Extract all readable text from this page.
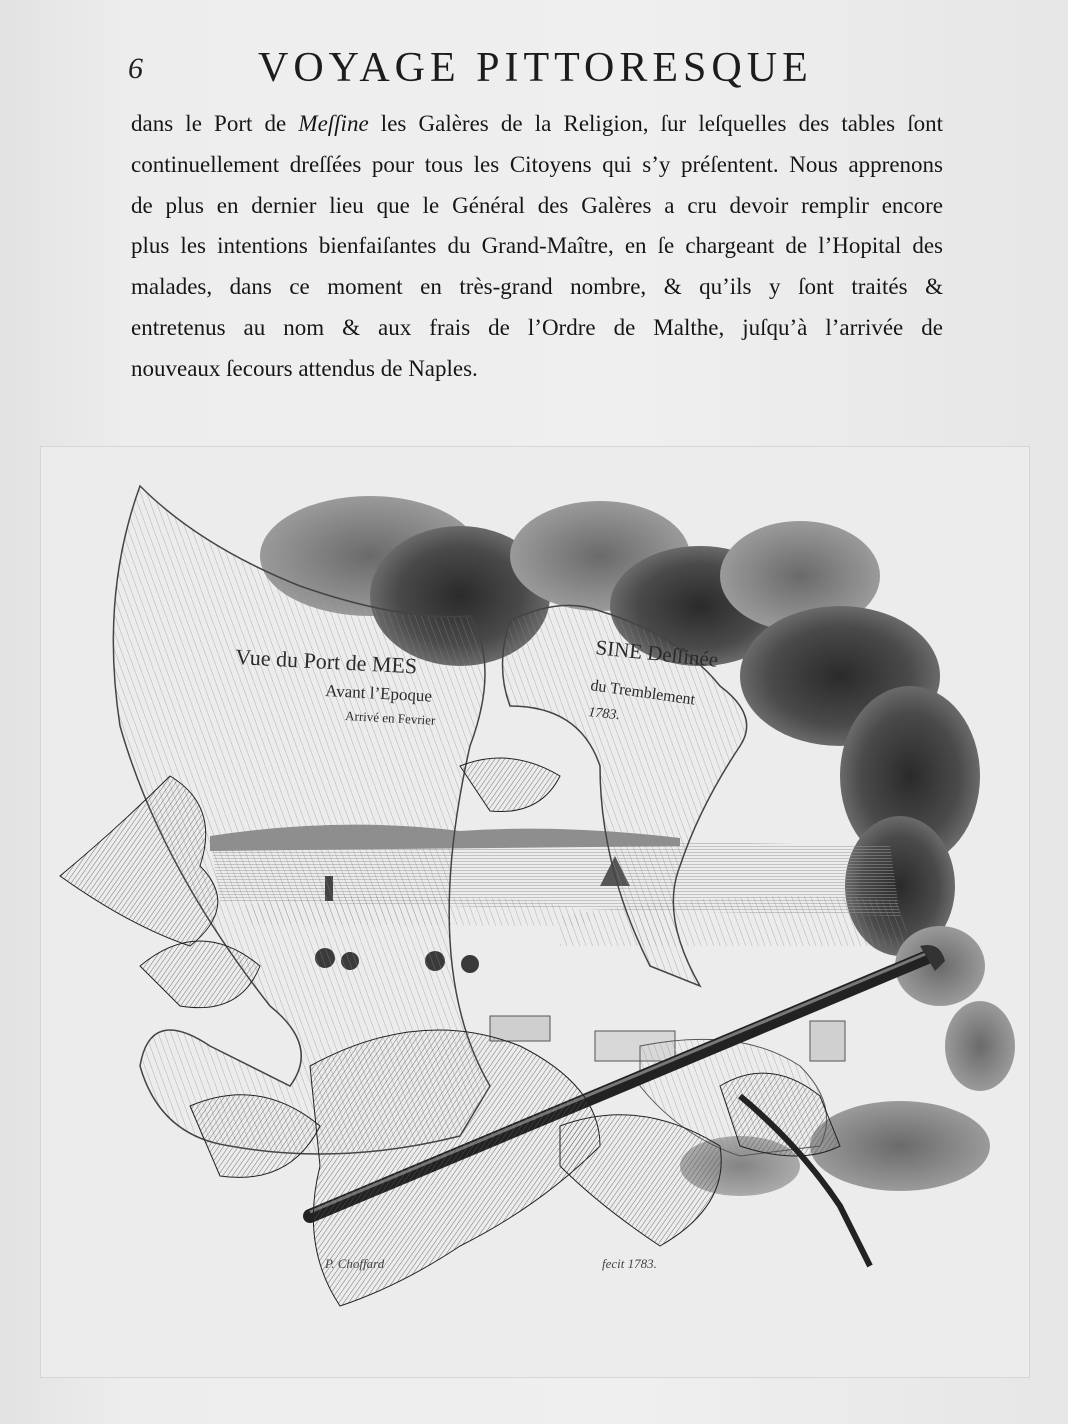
6	VOYAGE PITTORESQUE
dans le Port de Meſſine les Galères de la Religion, ſur leſquelles des tables ſont
continuellement dreſſées pour tous les Citoyens qui s’y préſentent. Nous apprenons
de plus en dernier lieu que le Général des Galères a cru devoir remplir encore
plus les intentions bienfaiſantes du Grand-Maître, en ſe chargeant de l’Hopital des
malades, dans ce moment en très-grand nombre, & qu’ils y ſont traités &
entretenus au nom & aux frais de l’Ordre de Malthe, juſqu’à l’arrivée de
nouveaux ſecours attendus de Naples.
Vue du Port de MES
Avant l’Epoque
Arrivé en Fevrier
SINE Deſſinée
du Tremblement
1783.
P. Choffard	fecit 1783.
